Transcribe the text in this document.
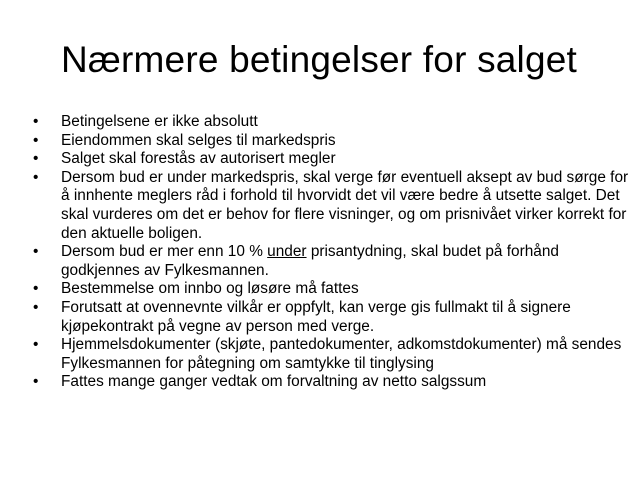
Nærmere betingelser for salget
•	Betingelsene er ikke absolutt
•	Eiendommen skal selges til markedspris
•	Salget skal forestås av autorisert megler
•	Dersom bud er under markedspris, skal verge før eventuell aksept av bud sørge for å innhente meglers råd i forhold til hvorvidt det vil være bedre å utsette salget. Det skal vurderes om det er behov for flere visninger, og om prisnivået virker korrekt for den aktuelle boligen.
•	Dersom bud er mer enn 10 % under prisantydning, skal budet på forhånd godkjennes av Fylkesmannen.
•	Bestemmelse om innbo og løsøre må fattes
•	Forutsatt at ovennevnte vilkår er oppfylt, kan verge gis fullmakt til å signere kjøpekontrakt på vegne av person med verge.
•	Hjemmelsdokumenter (skjøte, pantedokumenter, adkomstdokumenter) må sendes Fylkesmannen for påtegning om samtykke til tinglysing
•	Fattes mange ganger vedtak om forvaltning av netto salgssum
